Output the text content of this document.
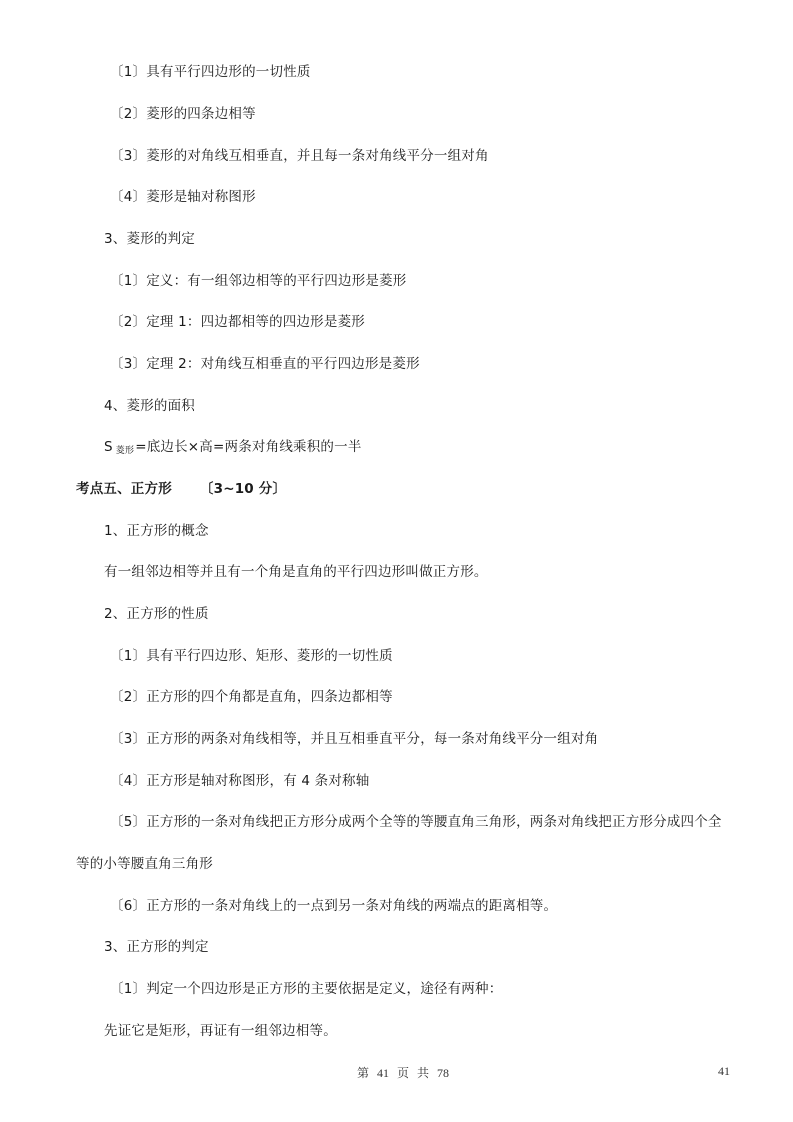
〔1〕具有平行四边形的一切性质
〔2〕菱形的四条边相等
〔3〕菱形的对角线互相垂直，并且每一条对角线平分一组对角
〔4〕菱形是轴对称图形
3、菱形的判定
〔1〕定义：有一组邻边相等的平行四边形是菱形
〔2〕定理 1：四边都相等的四边形是菱形
〔3〕定理 2：对角线互相垂直的平行四边形是菱形
4、菱形的面积
S $_{菱形}$=底边长×高=两条对角线乘积的一半
考点五、正方形 〔3~10 分〕
1、正方形的概念
有一组邻边相等并且有一个角是直角的平行四边形叫做正方形。
2、正方形的性质
〔1〕具有平行四边形、矩形、菱形的一切性质
〔2〕正方形的四个角都是直角，四条边都相等
〔3〕正方形的两条对角线相等，并且互相垂直平分，每一条对角线平分一组对角
〔4〕正方形是轴对称图形，有 4 条对称轴
〔5〕正方形的一条对角线把正方形分成两个全等的等腰直角三角形，两条对角线把正方形分成四个全
等的小等腰直角三角形
〔6〕正方形的一条对角线上的一点到另一条对角线的两端点的距离相等。
3、正方形的判定
〔1〕判定一个四边形是正方形的主要依据是定义，途径有两种：
先证它是矩形，再证有一组邻边相等。
第 41 页 共 78	41
